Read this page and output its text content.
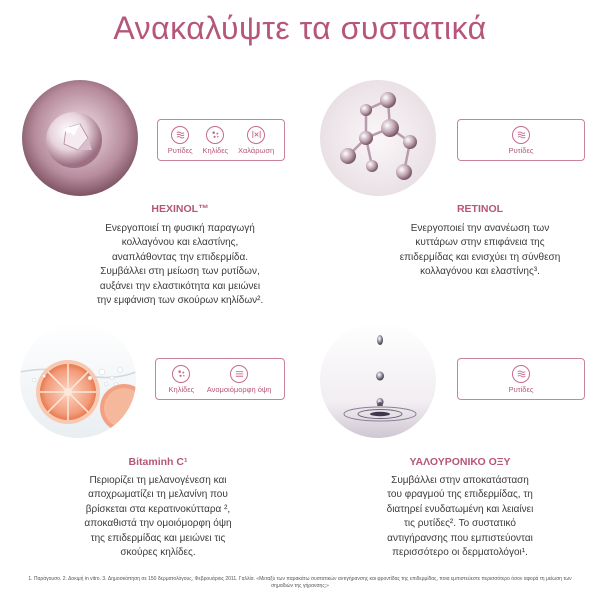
Ανακαλύψτε τα συστατικά
Ρυτίδες Κηλίδες Χαλάρωση
HEXINOL™
Ενεργοποιεί τη φυσική παραγωγή
κολλαγόνου και ελαστίνης,
αναπλάθοντας την επιδερμίδα.
Συμβάλλει στη μείωση των ρυτίδων,
αυξάνει την ελαστικότητα και μειώνει
την εμφάνιση των σκούρων κηλίδων².
Ρυτίδες
RETINOL
Ενεργοποιεί την ανανέωση των
κυττάρων στην επιφάνεια της
επιδερμίδας και ενισχύει τη σύνθεση
κολλαγόνου και ελαστίνης³.
Κηλίδες Ανομοιόμορφη όψη
Bitaminh C¹
Περιορίζει τη μελανογένεση και
αποχρωματίζει τη μελανίνη που
βρίσκεται στα κερατινοκύτταρα ²,
αποκαθιστά την ομοιόμορφη όψη
της επιδερμίδας και μειώνει τις
σκούρες κηλίδες.
Ρυτίδες
ΥΑΛΟΥΡΟΝΙΚΟ ΟΞΥ
Συμβάλλει στην αποκατάσταση
του φραγμού της επιδερμίδας, τη
διατηρεί ενυδατωμένη και λειαίνει
τις ρυτίδες². Το συστατικό
αντιγήρανσης που εμπιστεύονται
περισσότερο οι δερματολόγοι¹.
1. Παράγουσο. 2. Δοκιμή in vitro. 3. Δημοσκόπηση σε 150 δερματολόγους, Φεβρουάριος 2011. Γαλλία. «Μεταξύ των παρακάτω συστατικών αντιγήρανσης και φροντίδας της επιδερμίδας, ποια εμπιστεύεστε περισσότερο όσον αφορά τη μείωση των σημαδιών της γήρανσης;»
